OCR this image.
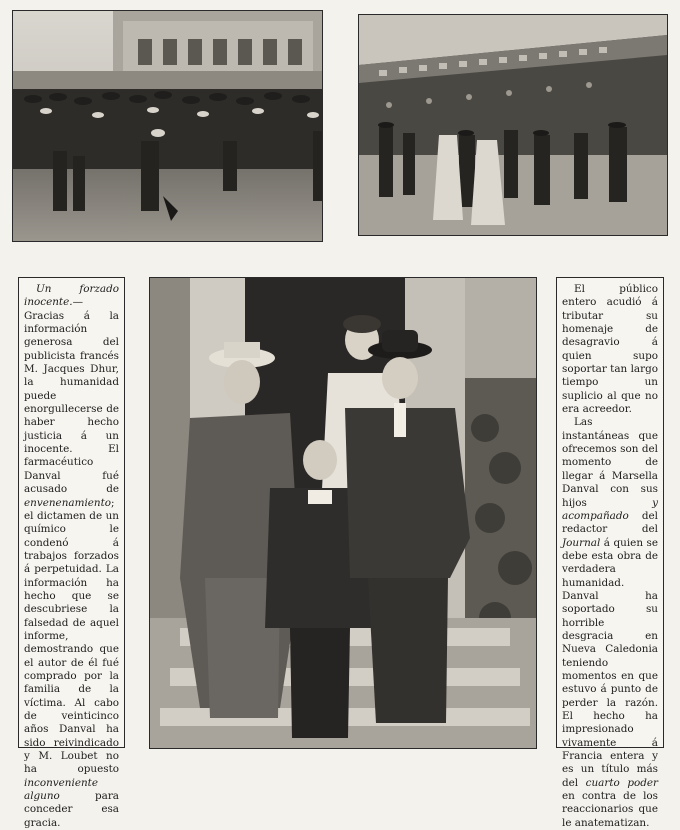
Un forzado inocente.—Gracias á la información generosa del publicista francés M. Jacques Dhur, la humanidad puede enorgullecerse de haber hecho justicia á un inocente. El farmacéutico Danval fué acusado de envenenamiento; el dictamen de un químico le condenó á trabajos forzados á perpetuidad. La información ha hecho que se descubriese la falsedad de aquel informe, demostrando que el autor de él fué comprado por la familia de la víctima. Al cabo de veinticinco años Danval ha sido reivindicado y M. Loubet no ha opuesto inconveniente alguno para conceder esa gracia.

El público entero acudió á tributar su homenaje de desagravio á quien supo soportar tan largo tiempo un suplicio al que no era acreedor.

Las instantáneas que ofrecemos son del momento de llegar á Marsella Danval con sus hijos y acompañado del redactor del Journal á quien se debe esta obra de verdadera humanidad. Danval ha soportado su horrible desgracia en Nueva Caledonia teniendo momentos en que estuvo á punto de perder la razón. El hecho ha impresionado vivamente á Francia entera y es un título más del cuarto poder en contra de los reaccionarios que le anatematizan.
